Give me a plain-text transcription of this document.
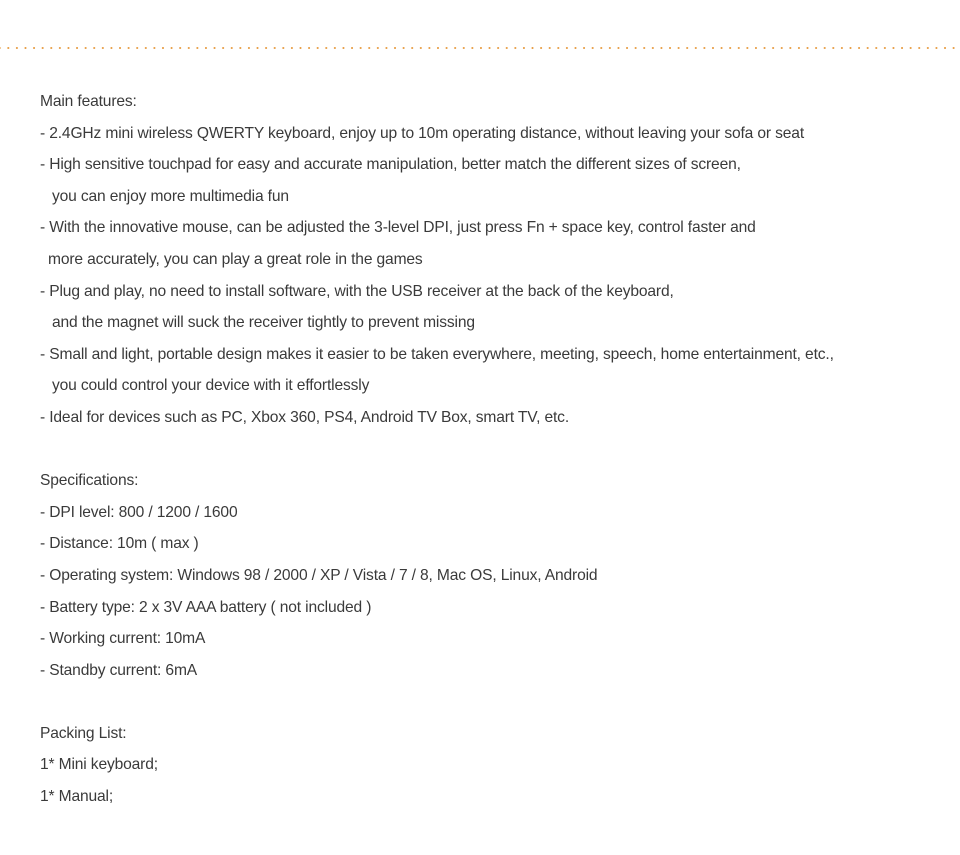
Main features:
- 2.4GHz mini wireless QWERTY keyboard, enjoy up to 10m operating distance, without leaving your sofa or seat
- High sensitive touchpad for easy and accurate manipulation, better match the different sizes of screen,
you can enjoy more multimedia fun
- With the innovative mouse, can be adjusted the 3-level DPI, just press Fn + space key, control faster and
more accurately, you can play a great role in the games
- Plug and play, no need to install software, with the USB receiver at the back of the keyboard,
and the magnet will suck the receiver tightly to prevent missing
- Small and light, portable design makes it easier to be taken everywhere, meeting, speech, home entertainment, etc.,
you could control your device with it effortlessly
- Ideal for devices such as PC, Xbox 360, PS4, Android TV Box, smart TV, etc.
Specifications:
- DPI level: 800 / 1200 / 1600
- Distance: 10m ( max )
- Operating system: Windows 98 / 2000 / XP / Vista / 7 / 8, Mac OS, Linux, Android
- Battery type: 2 x 3V AAA battery ( not included )
- Working current: 10mA
- Standby current: 6mA
Packing List:
1* Mini keyboard;
1* Manual;
